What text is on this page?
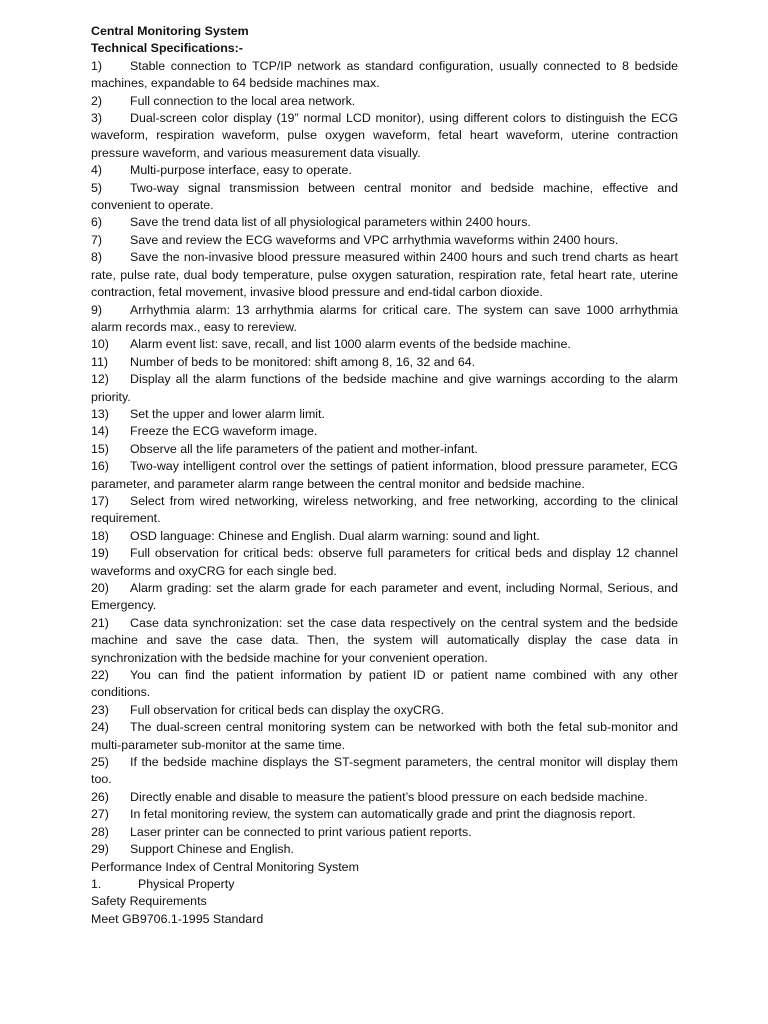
Central Monitoring System
Technical Specifications:-
1) Stable connection to TCP/IP network as standard configuration, usually connected to 8 bedside machines, expandable to 64 bedside machines max.
2) Full connection to the local area network.
3) Dual-screen color display (19” normal LCD monitor), using different colors to distinguish the ECG waveform, respiration waveform, pulse oxygen waveform, fetal heart waveform, uterine contraction pressure waveform, and various measurement data visually.
4) Multi-purpose interface, easy to operate.
5) Two-way signal transmission between central monitor and bedside machine, effective and convenient to operate.
6) Save the trend data list of all physiological parameters within 2400 hours.
7) Save and review the ECG waveforms and VPC arrhythmia waveforms within 2400 hours.
8) Save the non-invasive blood pressure measured within 2400 hours and such trend charts as heart rate, pulse rate, dual body temperature, pulse oxygen saturation, respiration rate, fetal heart rate, uterine contraction, fetal movement, invasive blood pressure and end-tidal carbon dioxide.
9) Arrhythmia alarm: 13 arrhythmia alarms for critical care. The system can save 1000 arrhythmia alarm records max., easy to rereview.
10) Alarm event list: save, recall, and list 1000 alarm events of the bedside machine.
11) Number of beds to be monitored: shift among 8, 16, 32 and 64.
12) Display all the alarm functions of the bedside machine and give warnings according to the alarm priority.
13) Set the upper and lower alarm limit.
14) Freeze the ECG waveform image.
15) Observe all the life parameters of the patient and mother-infant.
16) Two-way intelligent control over the settings of patient information, blood pressure parameter, ECG parameter, and parameter alarm range between the central monitor and bedside machine.
17) Select from wired networking, wireless networking, and free networking, according to the clinical requirement.
18) OSD language: Chinese and English. Dual alarm warning: sound and light.
19) Full observation for critical beds: observe full parameters for critical beds and display 12 channel waveforms and oxyCRG for each single bed.
20) Alarm grading: set the alarm grade for each parameter and event, including Normal, Serious, and Emergency.
21) Case data synchronization: set the case data respectively on the central system and the bedside machine and save the case data. Then, the system will automatically display the case data in synchronization with the bedside machine for your convenient operation.
22) You can find the patient information by patient ID or patient name combined with any other conditions.
23) Full observation for critical beds can display the oxyCRG.
24) The dual-screen central monitoring system can be networked with both the fetal sub-monitor and multi-parameter sub-monitor at the same time.
25) If the bedside machine displays the ST-segment parameters, the central monitor will display them too.
26) Directly enable and disable to measure the patient’s blood pressure on each bedside machine.
27) In fetal monitoring review, the system can automatically grade and print the diagnosis report.
28) Laser printer can be connected to print various patient reports.
29) Support Chinese and English.
Performance Index of Central Monitoring System
1.	Physical Property
Safety Requirements
Meet GB9706.1-1995 Standard
